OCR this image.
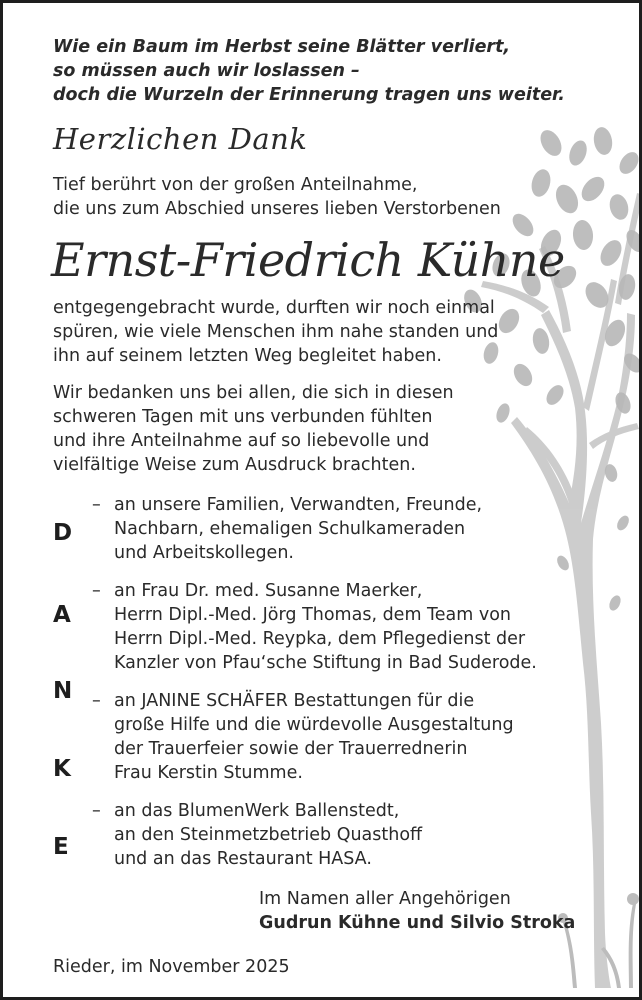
Wie ein Baum im Herbst seine Blätter verliert,
so müssen auch wir loslassen –
doch die Wurzeln der Erinnerung tragen uns weiter.
Herzlichen Dank
Tief berührt von der großen Anteilnahme,
die uns zum Abschied unseres lieben Verstorbenen
Ernst-Friedrich Kühne
entgegengebracht wurde, durften wir noch einmal
spüren, wie viele Menschen ihm nahe standen und
ihn auf seinem letzten Weg begleitet haben.
Wir bedanken uns bei allen, die sich in diesen
schweren Tagen mit uns verbunden fühlten
und ihre Anteilnahme auf so liebevolle und
vielfältige Weise zum Ausdruck brachten.
D
A
N
K
E
– an unsere Familien, Verwandten, Freunde,
Nachbarn, ehemaligen Schulkameraden
und Arbeitskollegen.
– an Frau Dr. med. Susanne Maerker,
Herrn Dipl.-Med. Jörg Thomas, dem Team von
Herrn Dipl.-Med. Reypka, dem Pflegedienst der
Kanzler von Pfau‘sche Stiftung in Bad Suderode.
– an JANINE SCHÄFER Bestattungen für die
große Hilfe und die würdevolle Ausgestaltung
der Trauerfeier sowie der Trauerrednerin
Frau Kerstin Stumme.
– an das BlumenWerk Ballenstedt,
an den Steinmetzbetrieb Quasthoff
und an das Restaurant HASA.
Im Namen aller Angehörigen
Gudrun Kühne und Silvio Stroka
Rieder, im November 2025
